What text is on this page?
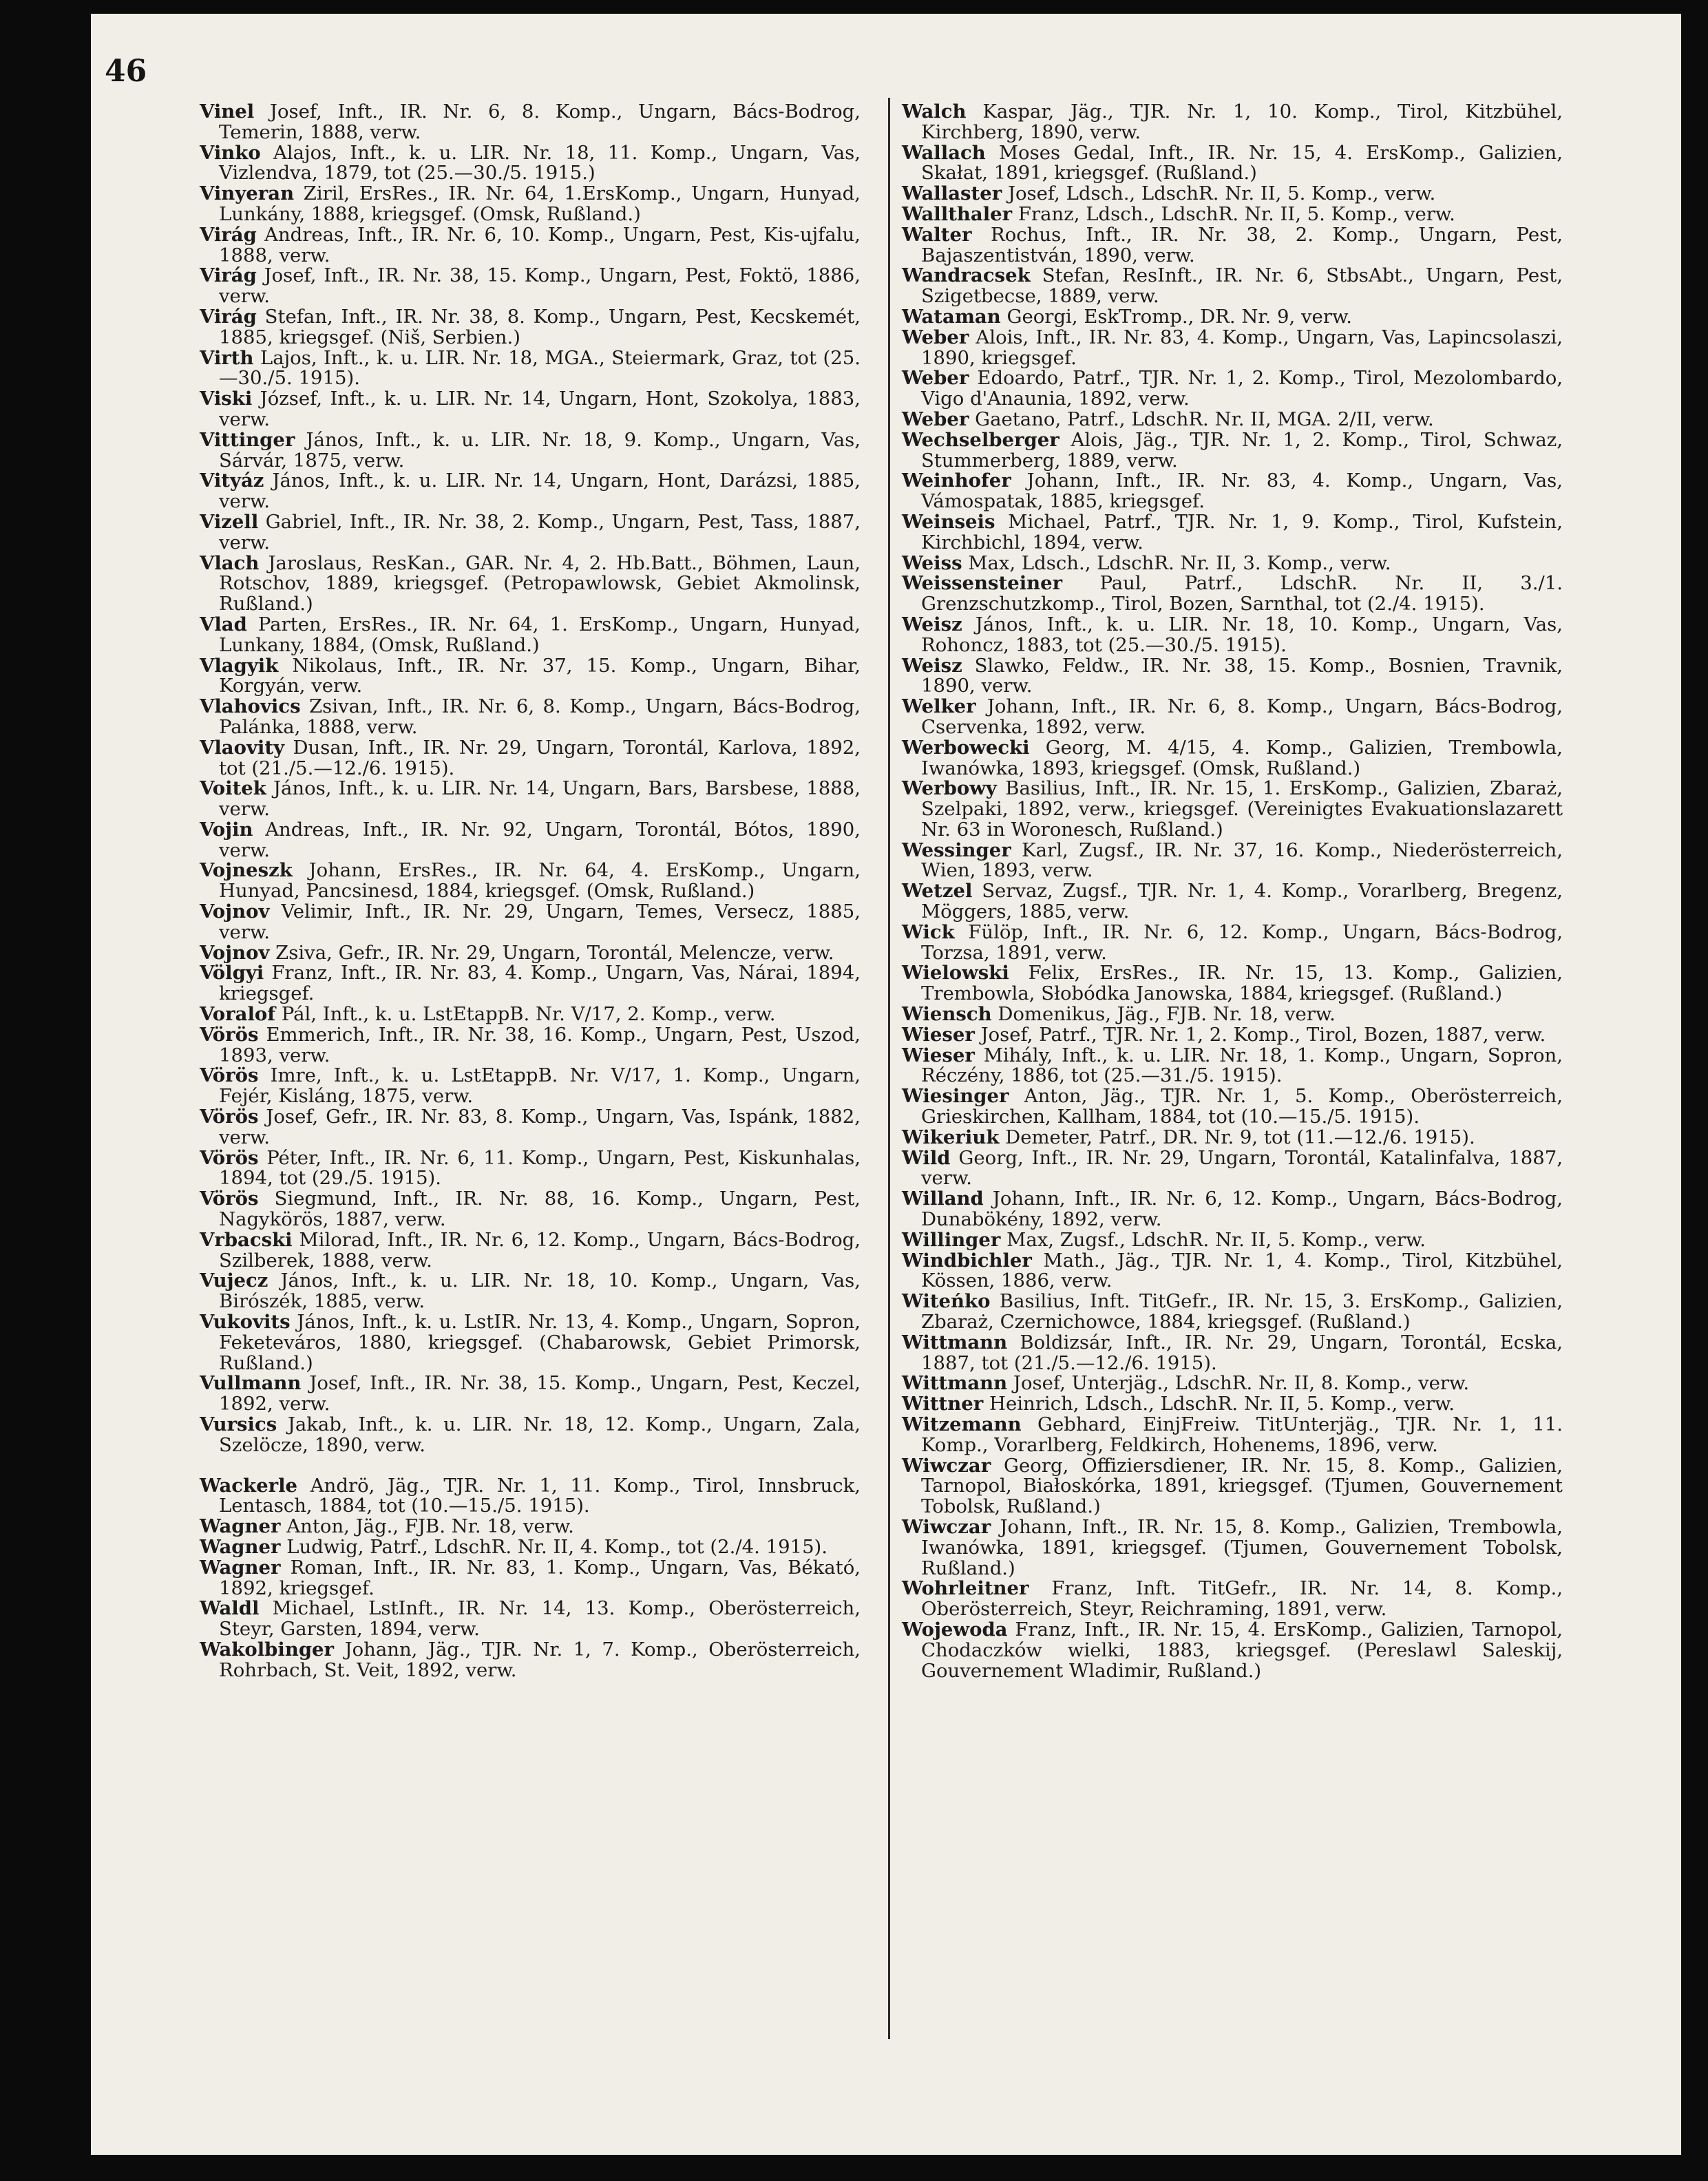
46

Vinel Josef, Inft., IR. Nr. 6, 8. Komp., Ungarn, Bács-Bodrog, Temerin, 1888, verw.

Vinko Alajos, Inft., k. u. LIR. Nr. 18, 11. Komp., Ungarn, Vas, Vizlendva, 1879, tot (25.—30./5. 1915.)

Vinyeran Ziril, ErsRes., IR. Nr. 64, 1.ErsKomp., Ungarn, Hunyad, Lunkány, 1888, kriegsgef. (Omsk, Rußland.)

Virág Andreas, Inft., IR. Nr. 6, 10. Komp., Ungarn, Pest, Kis-ujfalu, 1888, verw.

Virág Josef, Inft., IR. Nr. 38, 15. Komp., Ungarn, Pest, Foktö, 1886, verw.

Virág Stefan, Inft., IR. Nr. 38, 8. Komp., Ungarn, Pest, Kecskemét, 1885, kriegsgef. (Niš, Serbien.)

Virth Lajos, Inft., k. u. LIR. Nr. 18, MGA., Steiermark, Graz, tot (25.—30./5. 1915).

Viski József, Inft., k. u. LIR. Nr. 14, Ungarn, Hont, Szokolya, 1883, verw.

Vittinger János, Inft., k. u. LIR. Nr. 18, 9. Komp., Ungarn, Vas, Sárvár, 1875, verw.

Vityáz János, Inft., k. u. LIR. Nr. 14, Ungarn, Hont, Darázsi, 1885, verw.

Vizell Gabriel, Inft., IR. Nr. 38, 2. Komp., Ungarn, Pest, Tass, 1887, verw.

Vlach Jaroslaus, ResKan., GAR. Nr. 4, 2. Hb.Batt., Böhmen, Laun, Rotschov, 1889, kriegsgef. (Petropawlowsk, Gebiet Akmolinsk, Rußland.)

Vlad Parten, ErsRes., IR. Nr. 64, 1. ErsKomp., Ungarn, Hunyad, Lunkany, 1884, (Omsk, Rußland.)

Vlagyik Nikolaus, Inft., IR. Nr. 37, 15. Komp., Ungarn, Bihar, Korgyán, verw.

Vlahovics Zsivan, Inft., IR. Nr. 6, 8. Komp., Ungarn, Bács-Bodrog, Palánka, 1888, verw.

Vlaovity Dusan, Inft., IR. Nr. 29, Ungarn, Torontál, Karlova, 1892, tot (21./5.—12./6. 1915).

Voitek János, Inft., k. u. LIR. Nr. 14, Ungarn, Bars, Barsbese, 1888, verw.

Vojin Andreas, Inft., IR. Nr. 92, Ungarn, Torontál, Bótos, 1890, verw.

Vojneszk Johann, ErsRes., IR. Nr. 64, 4. ErsKomp., Ungarn, Hunyad, Pancsinesd, 1884, kriegsgef. (Omsk, Rußland.)

Vojnov Velimir, Inft., IR. Nr. 29, Ungarn, Temes, Versecz, 1885, verw.

Vojnov Zsiva, Gefr., IR. Nr. 29, Ungarn, Torontál, Melencze, verw.

Völgyi Franz, Inft., IR. Nr. 83, 4. Komp., Ungarn, Vas, Nárai, 1894, kriegsgef.

Voralof Pál, Inft., k. u. LstEtappB. Nr. V/17, 2. Komp., verw.

Vörös Emmerich, Inft., IR. Nr. 38, 16. Komp., Ungarn, Pest, Uszod, 1893, verw.

Vörös Imre, Inft., k. u. LstEtappB. Nr. V/17, 1. Komp., Ungarn, Fejér, Kisláng, 1875, verw.

Vörös Josef, Gefr., IR. Nr. 83, 8. Komp., Ungarn, Vas, Ispánk, 1882, verw.

Vörös Péter, Inft., IR. Nr. 6, 11. Komp., Ungarn, Pest, Kiskunhalas, 1894, tot (29./5. 1915).

Vörös Siegmund, Inft., IR. Nr. 88, 16. Komp., Ungarn, Pest, Nagykörös, 1887, verw.

Vrbacski Milorad, Inft., IR. Nr. 6, 12. Komp., Ungarn, Bács-Bodrog, Szilberek, 1888, verw.

Vujecz János, Inft., k. u. LIR. Nr. 18, 10. Komp., Ungarn, Vas, Birószék, 1885, verw.

Vukovits János, Inft., k. u. LstIR. Nr. 13, 4. Komp., Ungarn, Sopron, Feketeváros, 1880, kriegsgef. (Chabarowsk, Gebiet Primorsk, Rußland.)

Vullmann Josef, Inft., IR. Nr. 38, 15. Komp., Ungarn, Pest, Keczel, 1892, verw.

Vursics Jakab, Inft., k. u. LIR. Nr. 18, 12. Komp., Ungarn, Zala, Szelöcze, 1890, verw.

Wackerle Andrö, Jäg., TJR. Nr. 1, 11. Komp., Tirol, Innsbruck, Lentasch, 1884, tot (10.—15./5. 1915).

Wagner Anton, Jäg., FJB. Nr. 18, verw.

Wagner Ludwig, Patrf., LdschR. Nr. II, 4. Komp., tot (2./4. 1915).

Wagner Roman, Inft., IR. Nr. 83, 1. Komp., Ungarn, Vas, Békató, 1892, kriegsgef.

Waldl Michael, LstInft., IR. Nr. 14, 13. Komp., Oberösterreich, Steyr, Garsten, 1894, verw.

Wakolbinger Johann, Jäg., TJR. Nr. 1, 7. Komp., Oberösterreich, Rohrbach, St. Veit, 1892, verw.

Walch Kaspar, Jäg., TJR. Nr. 1, 10. Komp., Tirol, Kitzbühel, Kirchberg, 1890, verw.

Wallach Moses Gedal, Inft., IR. Nr. 15, 4. ErsKomp., Galizien, Skałat, 1891, kriegsgef. (Rußland.)

Wallaster Josef, Ldsch., LdschR. Nr. II, 5. Komp., verw.

Wallthaler Franz, Ldsch., LdschR. Nr. II, 5. Komp., verw.

Walter Rochus, Inft., IR. Nr. 38, 2. Komp., Ungarn, Pest, Bajaszentistván, 1890, verw.

Wandracsek Stefan, ResInft., IR. Nr. 6, StbsAbt., Ungarn, Pest, Szigetbecse, 1889, verw.

Wataman Georgi, EskTromp., DR. Nr. 9, verw.

Weber Alois, Inft., IR. Nr. 83, 4. Komp., Ungarn, Vas, Lapincsolaszi, 1890, kriegsgef.

Weber Edoardo, Patrf., TJR. Nr. 1, 2. Komp., Tirol, Mezolombardo, Vigo d'Anaunia, 1892, verw.

Weber Gaetano, Patrf., LdschR. Nr. II, MGA. 2/II, verw.

Wechselberger Alois, Jäg., TJR. Nr. 1, 2. Komp., Tirol, Schwaz, Stummerberg, 1889, verw.

Weinhofer Johann, Inft., IR. Nr. 83, 4. Komp., Ungarn, Vas, Vámospatak, 1885, kriegsgef.

Weinseis Michael, Patrf., TJR. Nr. 1, 9. Komp., Tirol, Kufstein, Kirchbichl, 1894, verw.

Weiss Max, Ldsch., LdschR. Nr. II, 3. Komp., verw.

Weissensteiner Paul, Patrf., LdschR. Nr. II, 3./1. Grenzschutzkomp., Tirol, Bozen, Sarnthal, tot (2./4. 1915).

Weisz János, Inft., k. u. LIR. Nr. 18, 10. Komp., Ungarn, Vas, Rohoncz, 1883, tot (25.—30./5. 1915).

Weisz Slawko, Feldw., IR. Nr. 38, 15. Komp., Bosnien, Travnik, 1890, verw.

Welker Johann, Inft., IR. Nr. 6, 8. Komp., Ungarn, Bács-Bodrog, Cservenka, 1892, verw.

Werbowecki Georg, M. 4/15, 4. Komp., Galizien, Trembowla, Iwanówka, 1893, kriegsgef. (Omsk, Rußland.)

Werbowy Basilius, Inft., IR. Nr. 15, 1. ErsKomp., Galizien, Zbaraż, Szelpaki, 1892, verw., kriegsgef. (Vereinigtes Evakuationslazarett Nr. 63 in Woronesch, Rußland.)

Wessinger Karl, Zugsf., IR. Nr. 37, 16. Komp., Niederösterreich, Wien, 1893, verw.

Wetzel Servaz, Zugsf., TJR. Nr. 1, 4. Komp., Vorarlberg, Bregenz, Möggers, 1885, verw.

Wick Fülöp, Inft., IR. Nr. 6, 12. Komp., Ungarn, Bács-Bodrog, Torzsa, 1891, verw.

Wielowski Felix, ErsRes., IR. Nr. 15, 13. Komp., Galizien, Trembowla, Słobódka Janowska, 1884, kriegsgef. (Rußland.)

Wiensch Domenikus, Jäg., FJB. Nr. 18, verw.

Wieser Josef, Patrf., TJR. Nr. 1, 2. Komp., Tirol, Bozen, 1887, verw.

Wieser Mihály, Inft., k. u. LIR. Nr. 18, 1. Komp., Ungarn, Sopron, Réczény, 1886, tot (25.—31./5. 1915).

Wiesinger Anton, Jäg., TJR. Nr. 1, 5. Komp., Oberösterreich, Grieskirchen, Kallham, 1884, tot (10.—15./5. 1915).

Wikeriuk Demeter, Patrf., DR. Nr. 9, tot (11.—12./6. 1915).

Wild Georg, Inft., IR. Nr. 29, Ungarn, Torontál, Katalinfalva, 1887, verw.

Willand Johann, Inft., IR. Nr. 6, 12. Komp., Ungarn, Bács-Bodrog, Dunabökény, 1892, verw.

Willinger Max, Zugsf., LdschR. Nr. II, 5. Komp., verw.

Windbichler Math., Jäg., TJR. Nr. 1, 4. Komp., Tirol, Kitzbühel, Kössen, 1886, verw.

Witeńko Basilius, Inft. TitGefr., IR. Nr. 15, 3. ErsKomp., Galizien, Zbaraż, Czernichowce, 1884, kriegsgef. (Rußland.)

Wittmann Boldizsár, Inft., IR. Nr. 29, Ungarn, Torontál, Ecska, 1887, tot (21./5.—12./6. 1915).

Wittmann Josef, Unterjäg., LdschR. Nr. II, 8. Komp., verw.

Wittner Heinrich, Ldsch., LdschR. Nr. II, 5. Komp., verw.

Witzemann Gebhard, EinjFreiw. TitUnterjäg., TJR. Nr. 1, 11. Komp., Vorarlberg, Feldkirch, Hohenems, 1896, verw.

Wiwczar Georg, Offiziersdiener, IR. Nr. 15, 8. Komp., Galizien, Tarnopol, Białoskórka, 1891, kriegsgef. (Tjumen, Gouvernement Tobolsk, Rußland.)

Wiwczar Johann, Inft., IR. Nr. 15, 8. Komp., Galizien, Trembowla, Iwanówka, 1891, kriegsgef. (Tjumen, Gouvernement Tobolsk, Rußland.)

Wohrleitner Franz, Inft. TitGefr., IR. Nr. 14, 8. Komp., Oberösterreich, Steyr, Reichraming, 1891, verw.

Wojewoda Franz, Inft., IR. Nr. 15, 4. ErsKomp., Galizien, Tarnopol, Chodaczków wielki, 1883, kriegsgef. (Pereslawl Saleskij, Gouvernement Wladimir, Rußland.)
